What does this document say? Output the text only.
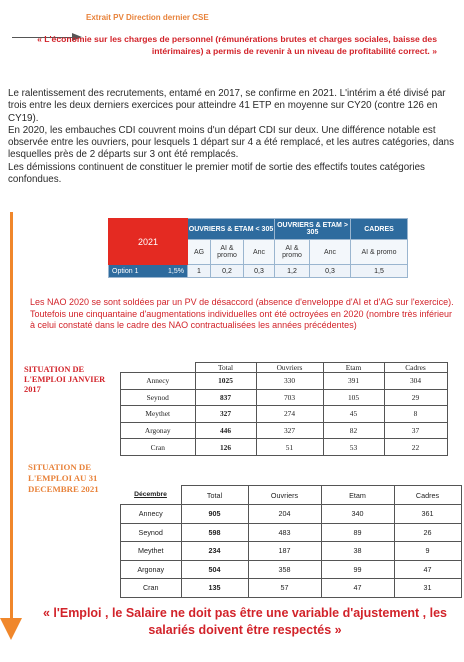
Extrait PV Direction dernier CSE
« L'économie sur les charges de personnel (rémunérations brutes et charges sociales, baisse des intérimaires) a permis de revenir à un niveau de profitabilité correct. »

Le ralentissement des recrutements, entamé en 2017, se confirme en 2021. L'intérim a été divisé par trois entre les deux derniers exercices pour atteindre 41 ETP en moyenne sur CY20 (contre 126 en CY19).

En 2020, les embauches CDI couvrent moins d'un départ CDI sur deux. Une différence notable est observée entre les ouvriers, pour lesquels 1 départ sur 4 a été remplacé, et les autres catégories, dans lesquelles près de 2 départs sur 3 ont été remplacés.

Les démissions continuent de constituer le premier motif de sortie des effectifs toutes catégories confondues.

2021	OUVRIERS & ETAM < 305			OUVRIERS & ETAM > 305		CADRES
	AG	AI & promo	Anc	AI & promo	Anc	AI & promo
Option 1 1,5%	1	0,2	0,3	1,2	0,3	1,5
Les NAO 2020 se sont soldées par un PV de désaccord (absence d'enveloppe d'AI et d'AG sur l'exercice). Toutefois une cinquantaine d'augmentations individuelles ont été octroyées en 2020 (nombre très inférieur à celui constaté dans le cadre des NAO contractualisées les années précédentes)
SITUATION DE L'EMPLOI JANVIER 2017
	Total	Ouvriers	Etam	Cadres
Annecy	1025	330	391	304
Seynod	837	703	105	29
Meythet	327	274	45	8
Argonay	446	327	82	37
Cran	126	51	53	22
SITUATION DE L'EMPLOI AU 31 DECEMBRE 2021
Décembre	Total	Ouvriers	Etam	Cadres
Annecy	905	204	340	361
Seynod	598	483	89	26
Meythet	234	187	38	9
Argonay	504	358	99	47
Cran	135	57	47	31
« l'Emploi , le Salaire ne doit pas être une variable d'ajustement , les salariés doivent être respectés »
